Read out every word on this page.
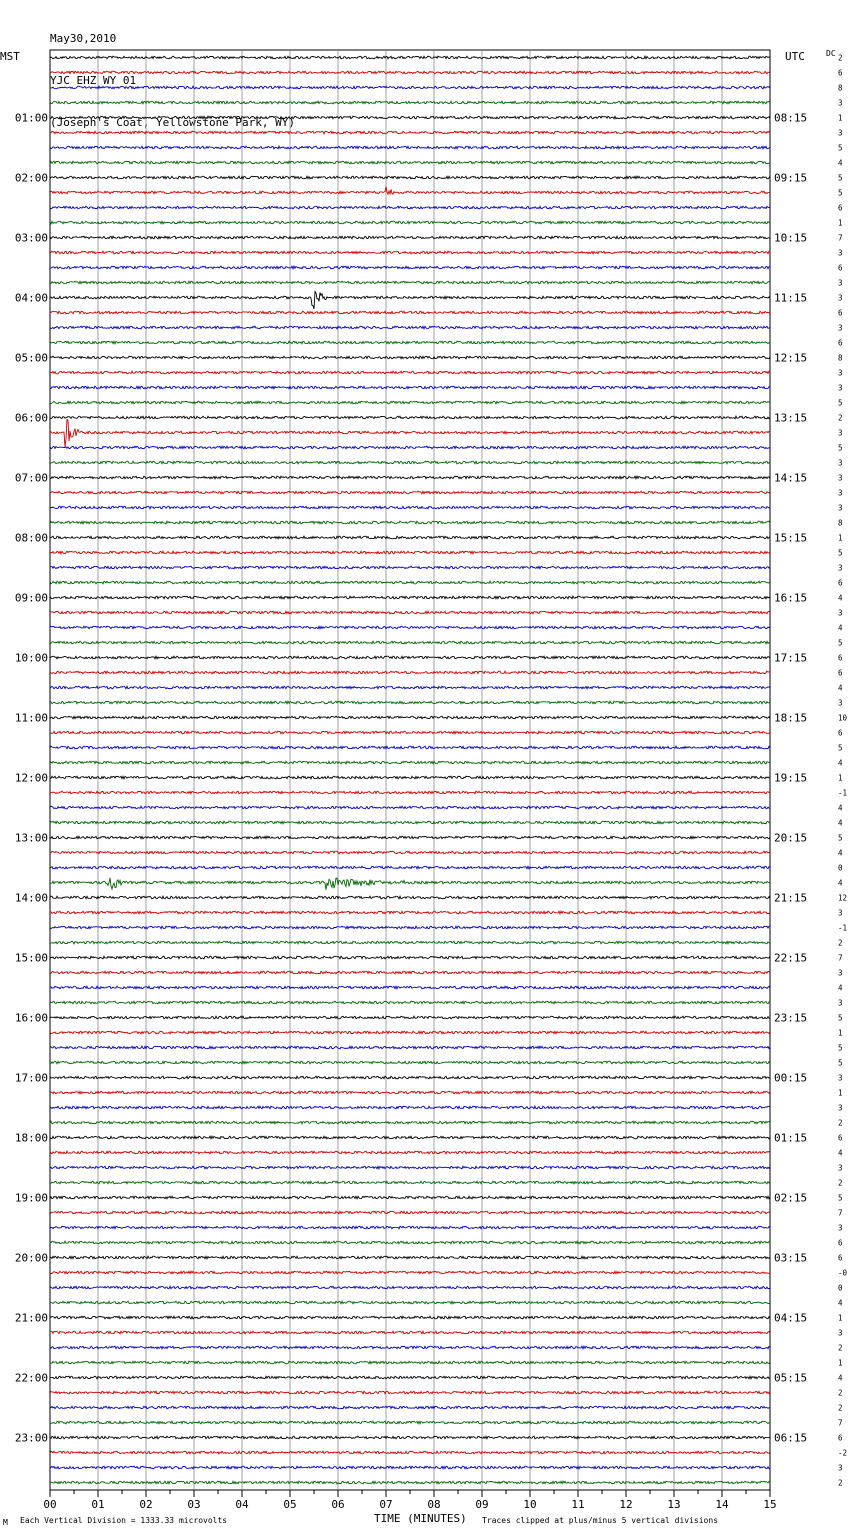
May30,2010

YJC EHZ WY 01

(Joseph's Coat, Yellowstone Park, WY)

MST	UTC	DC
00	01	02	03	04	05	06	07	08	09	10	11	12	13	14	15
2
6
8
3
1
3
5
4
5
5
6
1
7
3
6
3
3
6
3
6
8
3
3
5
2
3
5
3
3
3
3
8
1
5
3
6
4
3
4
5
6
6
4
3
10
6
5
4
1
-1
4
4
5
4
0
4
12
3
-1
2
7
3
4
3
5
1
5
5
3
1
3
2
6
4
3
2
5
7
3
6
6
-0
0
4
1
3
2
1
4
2
2
7
6
-2
3
2
01:00	08:15
02:00	09:15
03:00	10:15
04:00	11:15
05:00	12:15
06:00	13:15
07:00	14:15
08:00	15:15
09:00	16:15
10:00	17:15
11:00	18:15
12:00	19:15
13:00	20:15
14:00	21:15
15:00	22:15
16:00	23:15
17:00	00:15
18:00	01:15
19:00	02:15
20:00	03:15
21:00	04:15
22:00	05:15
23:00	06:15
Each Vertical Division = 1333.33 microvolts	TIME (MINUTES) Traces clipped at plus/minus 5 vertical divisions
M
